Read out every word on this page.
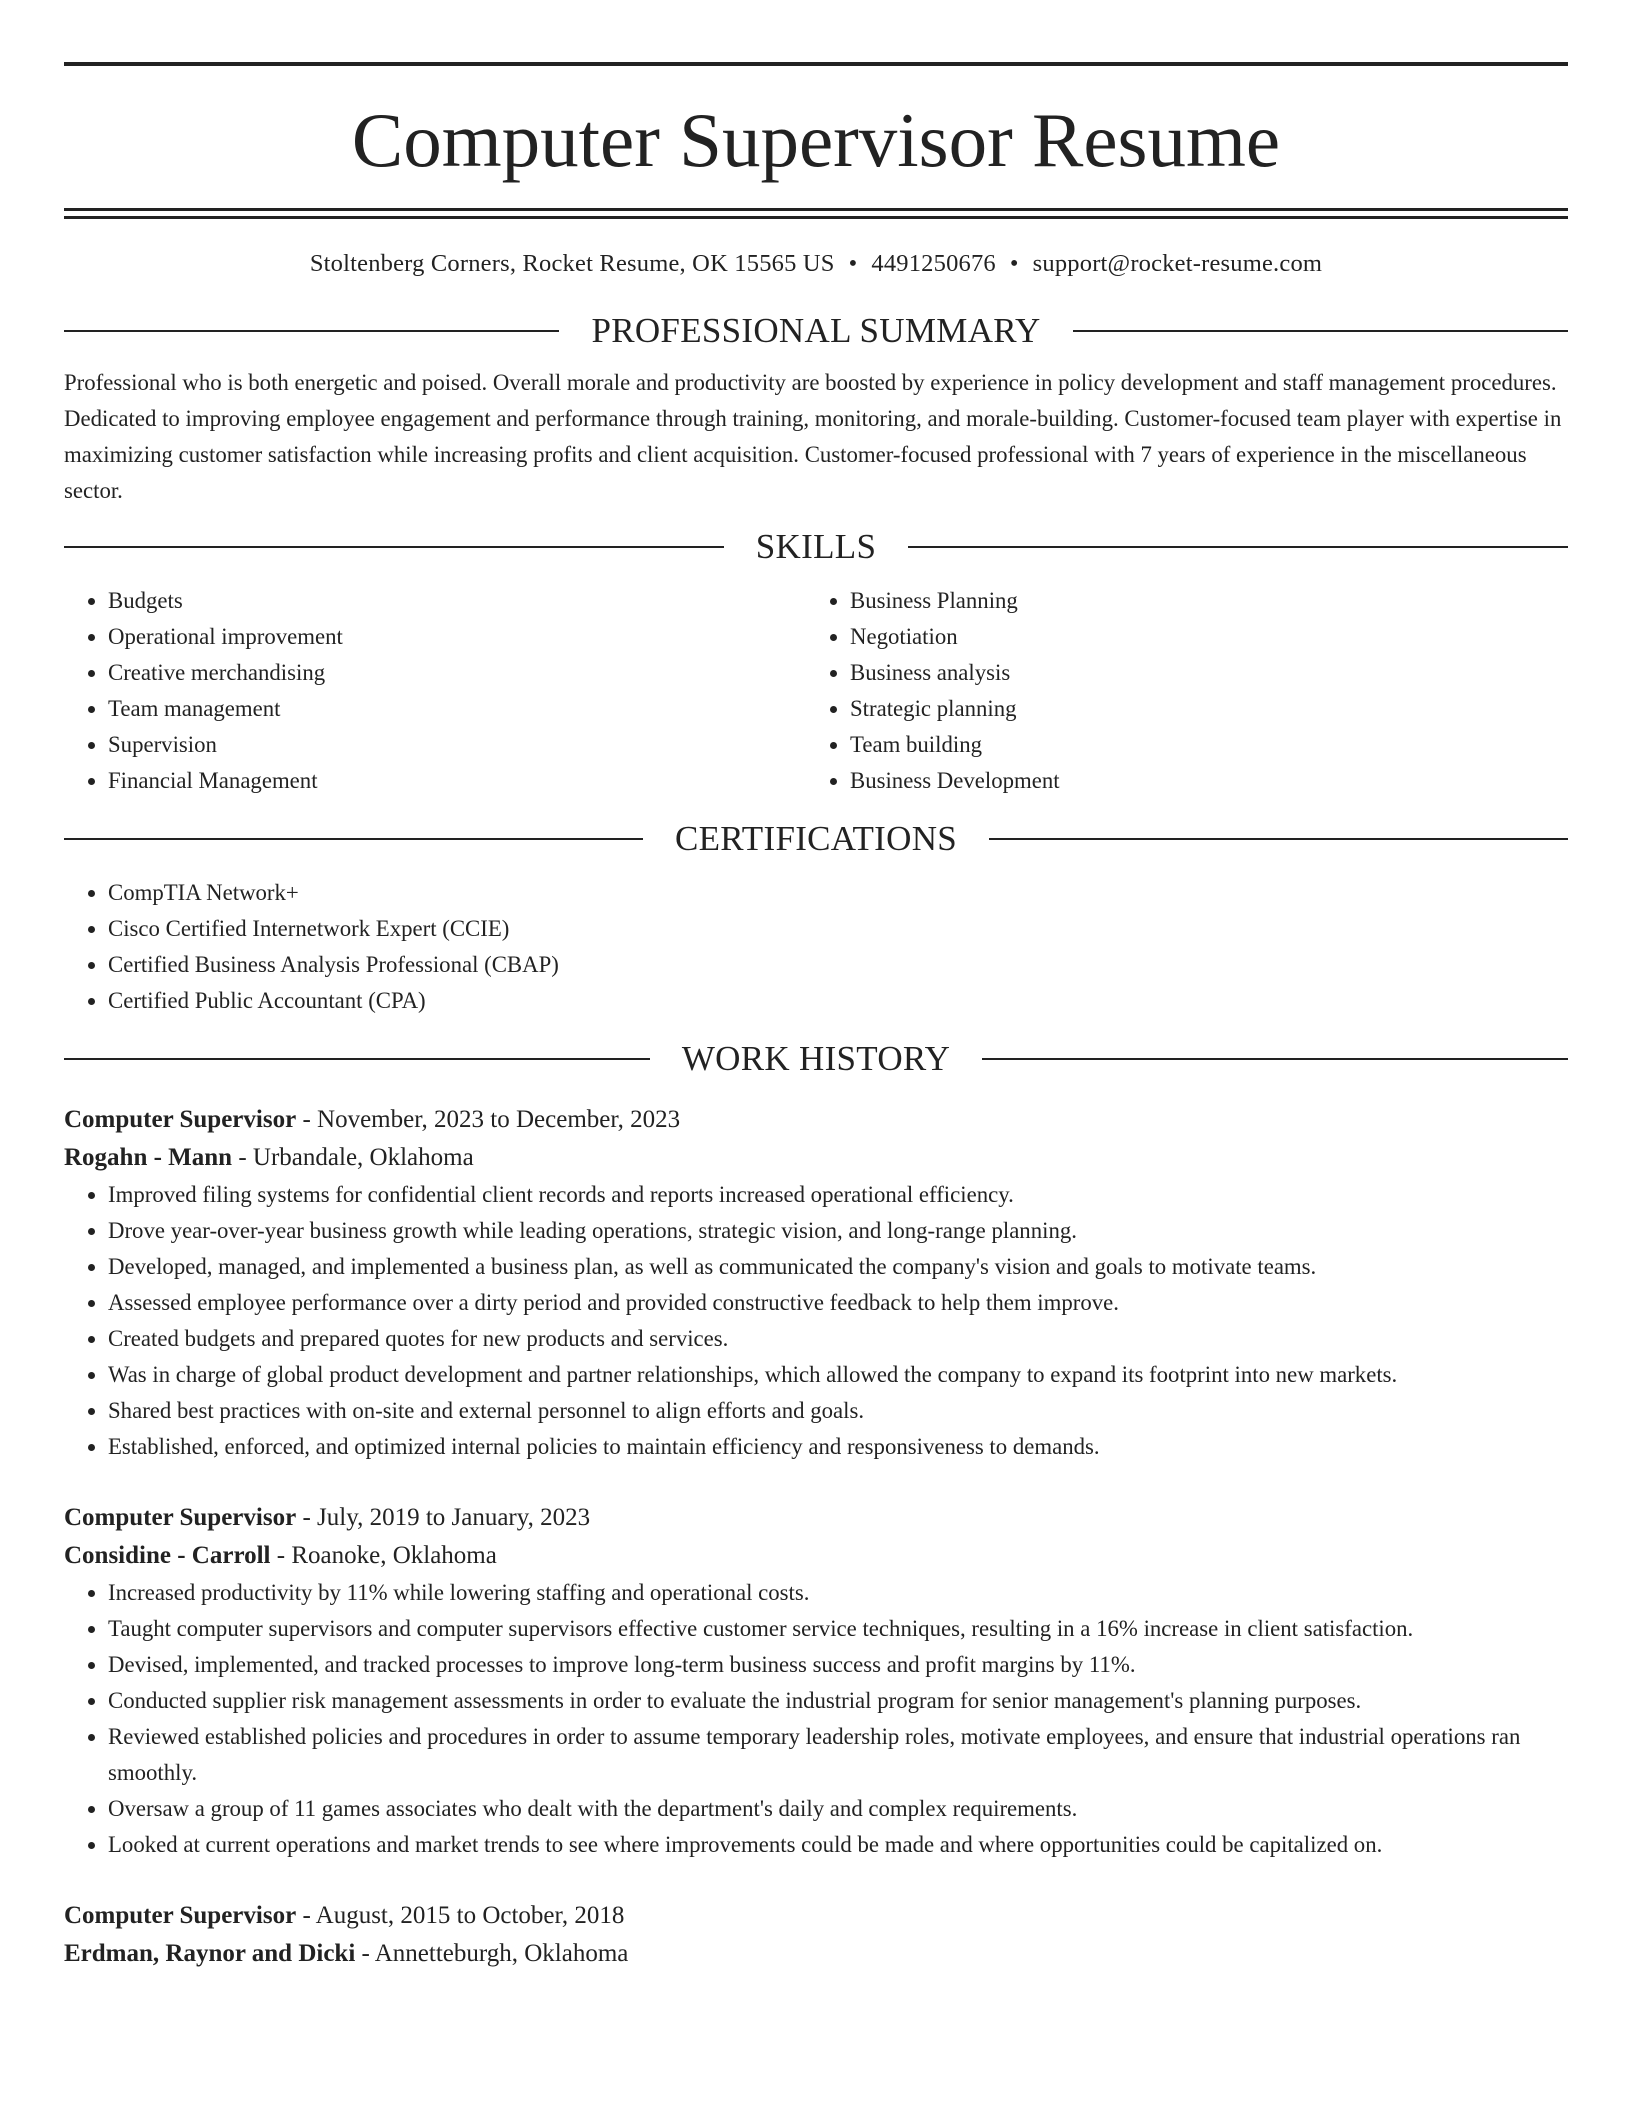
Computer Supervisor Resume
Stoltenberg Corners, Rocket Resume, OK 15565 US • 4491250676 • support@rocket-resume.com
PROFESSIONAL SUMMARY

Professional who is both energetic and poised. Overall morale and productivity are boosted by experience in policy development and staff management procedures. Dedicated to improving employee engagement and performance through training, monitoring, and morale-building. Customer-focused team player with expertise in maximizing customer satisfaction while increasing profits and client acquisition. Customer-focused professional with 7 years of experience in the miscellaneous sector.

SKILLS
• Budgets
• Operational improvement
• Creative merchandising
• Team management
• Supervision
• Financial Management
• Business Planning
• Negotiation
• Business analysis
• Strategic planning
• Team building
• Business Development
CERTIFICATIONS
• CompTIA Network+
• Cisco Certified Internetwork Expert (CCIE)
• Certified Business Analysis Professional (CBAP)
• Certified Public Accountant (CPA)
WORK HISTORY
Computer Supervisor - November, 2023 to December, 2023
Rogahn - Mann - Urbandale, Oklahoma
• Improved filing systems for confidential client records and reports increased operational efficiency.
• Drove year-over-year business growth while leading operations, strategic vision, and long-range planning.
• Developed, managed, and implemented a business plan, as well as communicated the company's vision and goals to motivate teams.
• Assessed employee performance over a dirty period and provided constructive feedback to help them improve.
• Created budgets and prepared quotes for new products and services.
• Was in charge of global product development and partner relationships, which allowed the company to expand its footprint into new markets.
• Shared best practices with on-site and external personnel to align efforts and goals.
• Established, enforced, and optimized internal policies to maintain efficiency and responsiveness to demands.
Computer Supervisor - July, 2019 to January, 2023
Considine - Carroll - Roanoke, Oklahoma
• Increased productivity by 11% while lowering staffing and operational costs.
• Taught computer supervisors and computer supervisors effective customer service techniques, resulting in a 16% increase in client satisfaction.
• Devised, implemented, and tracked processes to improve long-term business success and profit margins by 11%.
• Conducted supplier risk management assessments in order to evaluate the industrial program for senior management's planning purposes.
• Reviewed established policies and procedures in order to assume temporary leadership roles, motivate employees, and ensure that industrial operations ran smoothly.
• Oversaw a group of 11 games associates who dealt with the department's daily and complex requirements.
• Looked at current operations and market trends to see where improvements could be made and where opportunities could be capitalized on.
Computer Supervisor - August, 2015 to October, 2018
Erdman, Raynor and Dicki - Annetteburgh, Oklahoma
